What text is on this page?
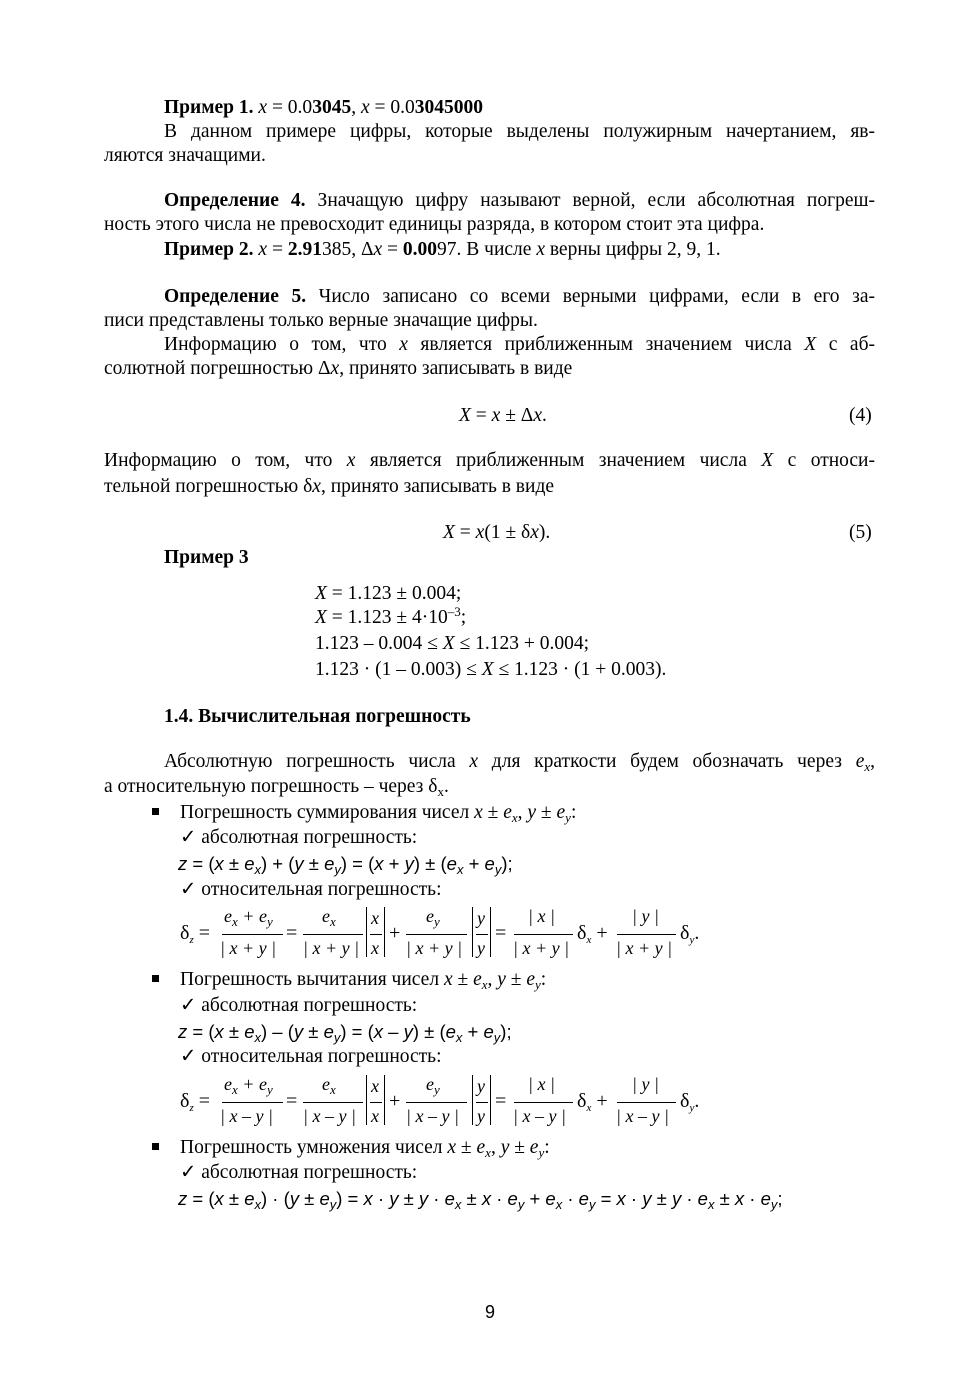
Пример 1. x = 0.03045, x = 0.03045000
В данном примере цифры, которые выделены полужирным начертанием, яв-
ляются значащими.
Определение 4. Значащую цифру называют верной, если абсолютная погреш-
ность этого числа не превосходит единицы разряда, в котором стоит эта цифра.
Пример 2. x = 2.91385, Δx = 0.0097. В числе x верны цифры 2, 9, 1.
Определение 5. Число записано со всеми верными цифрами, если в его за-
писи представлены только верные значащие цифры.
Информацию о том, что x является приближенным значением числа X с аб-
солютной погрешностью Δx, принято записывать в виде
X = x ± Δx.	(4)
Информацию о том, что x является приближенным значением числа X с относи-
тельной погрешностью δx, принято записывать в виде
X = x(1 ± δx).	(5)
Пример 3
X = 1.123 ± 0.004;
$X = 1.123 \pm 4\cdot 10^{-3}$;
1.123 – 0.004 ≤ X ≤ 1.123 + 0.004;
1.123 · (1 – 0.003) ≤ X ≤ 1.123 · (1 + 0.003).
1.4. Вычислительная погрешность
Абсолютную погрешность числа x для краткости будем обозначать через $e_x$,
а относительную погрешность – через $\delta_x$.
Погрешность суммирования чисел $x \pm e_x$, $y \pm e_y$:
✓ абсолютная погрешность:
$z = (x \pm e_x) + (y \pm e_y) = (x + y) \pm (e_x + e_y)$;
✓ относительная погрешность:
$\delta_z$ =
$e_x + e_y$
| x + y |
=
$e_x$
| x + y |
x
x
+
$e_y$
| x + y |
y
y
=
| x |
| x + y |
$\delta_x$ +
| y |
| x + y |
$\delta_y$.
Погрешность вычитания чисел $x \pm e_x$, $y \pm e_y$:
✓ абсолютная погрешность:
$z = (x \pm e_x) - (y \pm e_y) = (x - y) \pm (e_x + e_y)$;
✓ относительная погрешность:
$\delta_z$ =
$e_x + e_y$
| x – y |
=
$e_x$
| x – y |
x
x
+
$e_y$
| x – y |
y
y
=
| x |
| x – y |
$\delta_x$ +
| y |
| x – y |
$\delta_y$.
Погрешность умножения чисел $x \pm e_x$, $y \pm e_y$:
✓ абсолютная погрешность:
$z = (x \pm e_x) \cdot (y \pm e_y) = x \cdot y \pm y \cdot e_x \pm x \cdot e_y + e_x \cdot e_y = x \cdot y \pm y \cdot e_x \pm x \cdot e_y$;
9
